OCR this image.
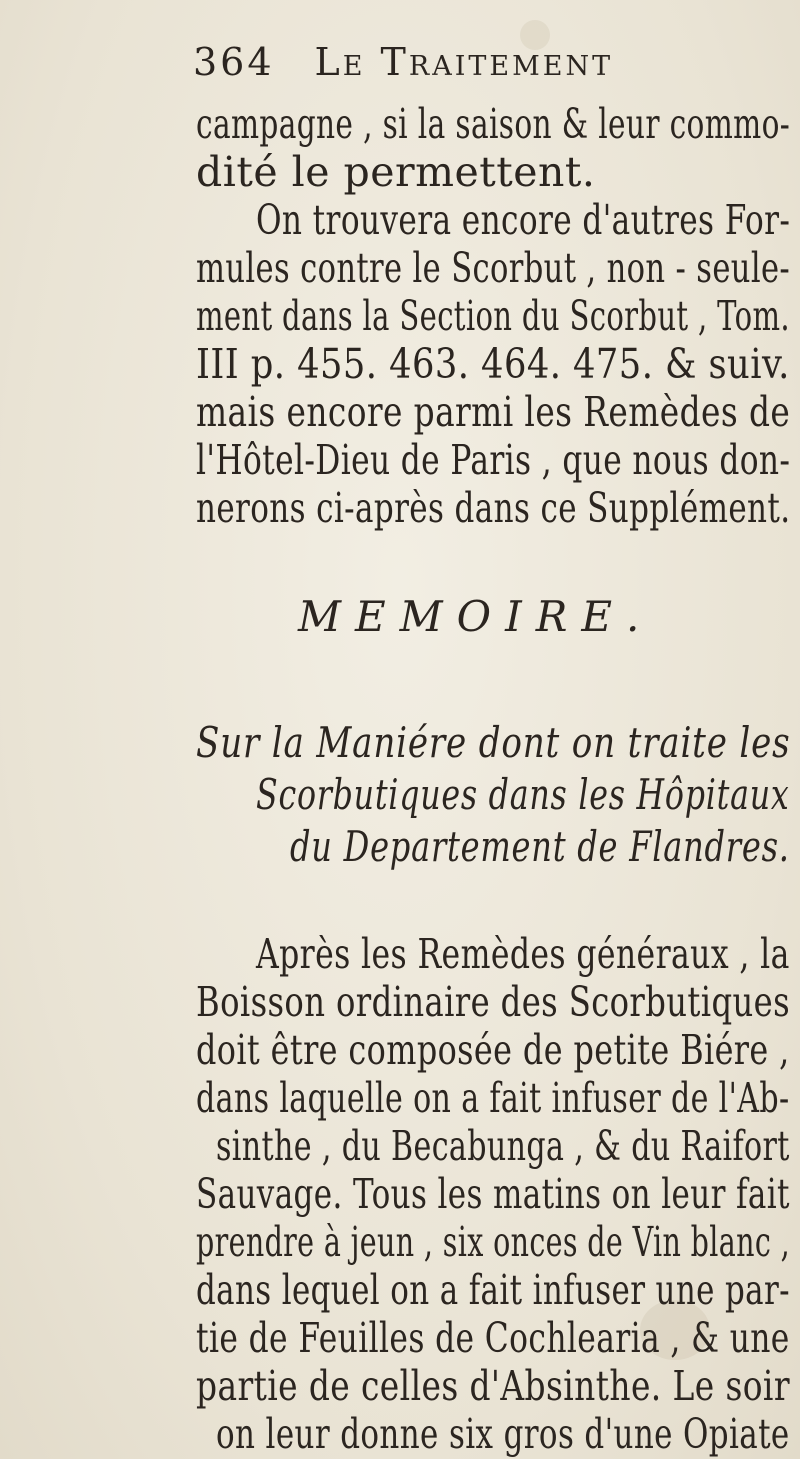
364 Le Traitement
campagne , si la saison & leur commo-
dité le permettent.
On trouvera encore d'autres For-
mules contre le Scorbut , non - seule-
ment dans la Section du Scorbut , Tom.
III p. 455. 463. 464. 475. & suiv.
mais encore parmi les Remèdes de
l'Hôtel-Dieu de Paris , que nous don-
nerons ci-après dans ce Supplément.
MEMOIRE.
Sur la Maniére dont on traite les
Scorbutiques dans les Hôpitaux
du Departement de Flandres.
Après les Remèdes généraux , la
Boisson ordinaire des Scorbutiques
doit être composée de petite Biére ,
dans laquelle on a fait infuser de l'Ab-
sinthe , du Becabunga , & du Raifort
Sauvage. Tous les matins on leur fait
prendre à jeun , six onces de Vin blanc ,
dans lequel on a fait infuser une par-
tie de Feuilles de Cochlearia , & une
partie de celles d'Absinthe. Le soir
on leur donne six gros d'une Opiate
